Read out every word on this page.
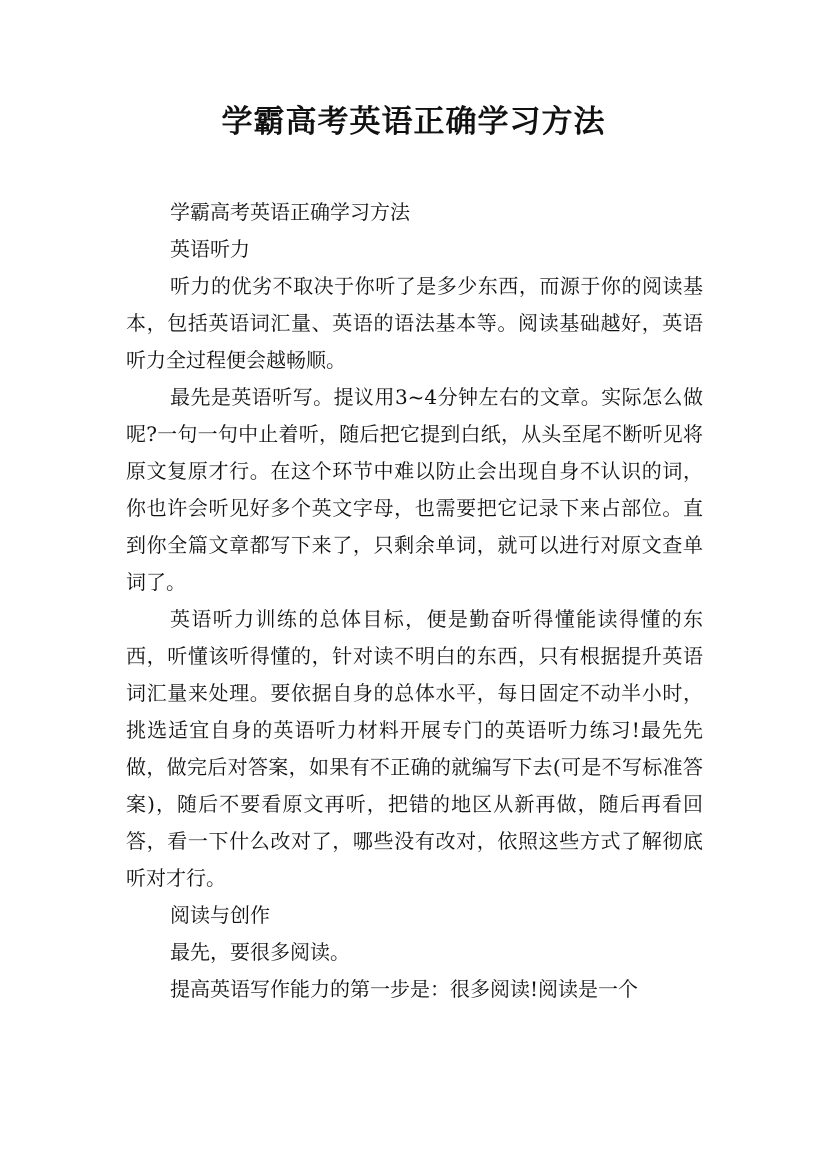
学霸高考英语正确学习方法

学霸高考英语正确学习方法

英语听力

听力的优劣不取决于你听了是多少东西，而源于你的阅读基本，包括英语词汇量、英语的语法基本等。阅读基础越好，英语听力全过程便会越畅顺。

最先是英语听写。提议用3~4分钟左右的文章。实际怎么做呢?一句一句中止着听，随后把它提到白纸，从头至尾不断听见将原文复原才行。在这个环节中难以防止会出现自身不认识的词，你也许会听见好多个英文字母，也需要把它记录下来占部位。直到你全篇文章都写下来了，只剩余单词，就可以进行对原文查单词了。

英语听力训练的总体目标，便是勤奋听得懂能读得懂的东西，听懂该听得懂的，针对读不明白的东西，只有根据提升英语词汇量来处理。要依据自身的总体水平，每日固定不动半小时，挑选适宜自身的英语听力材料开展专门的英语听力练习!最先先做，做完后对答案，如果有不正确的就编写下去(可是不写标准答案)，随后不要看原文再听，把错的地区从新再做，随后再看回答，看一下什么改对了，哪些没有改对，依照这些方式了解彻底听对才行。

阅读与创作

最先，要很多阅读。

提高英语写作能力的第一步是：很多阅读!阅读是一个
